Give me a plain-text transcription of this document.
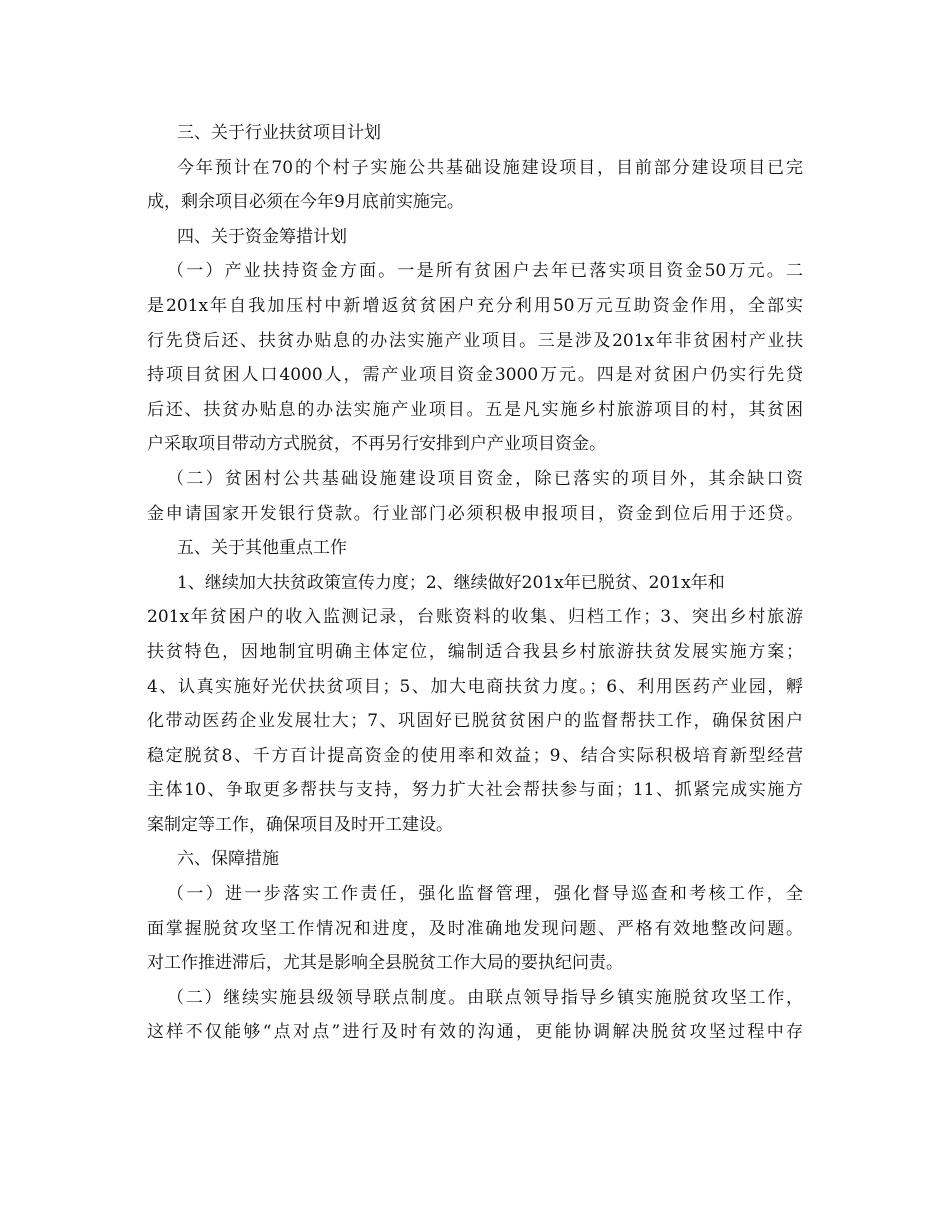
三、关于行业扶贫项目计划
今年预计在70的个村子实施公共基础设施建设项目，目前部分建设项目已完
成，剩余项目必须在今年9月底前实施完。
四、关于资金筹措计划
（一）产业扶持资金方面。一是所有贫困户去年已落实项目资金50万元。二
是201x年自我加压村中新增返贫贫困户充分利用50万元互助资金作用，全部实
行先贷后还、扶贫办贴息的办法实施产业项目。三是涉及201x年非贫困村产业扶
持项目贫困人口4000人，需产业项目资金3000万元。四是对贫困户仍实行先贷
后还、扶贫办贴息的办法实施产业项目。五是凡实施乡村旅游项目的村，其贫困
户采取项目带动方式脱贫，不再另行安排到户产业项目资金。
（二）贫困村公共基础设施建设项目资金，除已落实的项目外，其余缺口资
金申请国家开发银行贷款。行业部门必须积极申报项目，资金到位后用于还贷。
五、关于其他重点工作
1、继续加大扶贫政策宣传力度；2、继续做好201x年已脱贫、201x年和
201x年贫困户的收入监测记录，台账资料的收集、归档工作；3、突出乡村旅游
扶贫特色，因地制宜明确主体定位，编制适合我县乡村旅游扶贫发展实施方案；
4、认真实施好光伏扶贫项目；5、加大电商扶贫力度。；6、利用医药产业园，孵
化带动医药企业发展壮大；7、巩固好已脱贫贫困户的监督帮扶工作，确保贫困户
稳定脱贫8、千方百计提高资金的使用率和效益；9、结合实际积极培育新型经营
主体10、争取更多帮扶与支持，努力扩大社会帮扶参与面；11、抓紧完成实施方
案制定等工作，确保项目及时开工建设。
六、保障措施
（一）进一步落实工作责任，强化监督管理，强化督导巡查和考核工作，全
面掌握脱贫攻坚工作情况和进度，及时准确地发现问题、严格有效地整改问题。
对工作推进滞后，尤其是影响全县脱贫工作大局的要执纪问责。
（二）继续实施县级领导联点制度。由联点领导指导乡镇实施脱贫攻坚工作，
这样不仅能够“点对点”进行及时有效的沟通，更能协调解决脱贫攻坚过程中存
